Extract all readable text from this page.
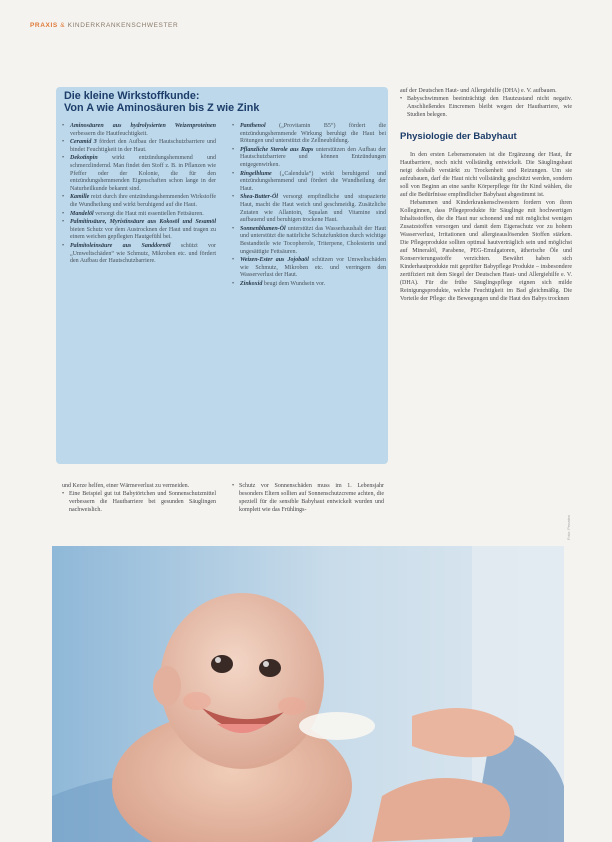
PRAXIS & KINDERKRANKENSCHWESTER
Die kleine Wirkstoffkunde:
Von A wie Aminosäuren bis Z wie Zink
• Aminosäuren aus hydrolysierten Weizenproteinen verbessern die Hautfeuchtigkeit.
• Ceramid 3 fördert den Aufbau der Hautschutzbarriere und bindet Feuchtigkeit in der Haut.
• Dekotinpin wirkt entzündungshemmend und schmerzlindernd. Man findet den Stoff z. B. in Pflanzen wie Pfeffer oder der Kolonie, die für den entzündungshemmenden Eigenschaften schon lange in der Naturheilkunde bekannt sind.
• Kamille reizt durch ihre entzündungshemmenden Wirkstoffe die Wundheilung und wirkt beruhigend auf die Haut.
• Mandelöl versorgt die Haut mit essentiellen Fettsäuren.
• Palmitinsäure, Myristinsäure aus Kokosöl und Sesamöl bieten Schutz vor dem Austrocknen der Haut und tragen zu einem weichen gepflegten Hautgefühl bei.
• Palmitoleinsäure aus Sanddornöl schützt vor „Umweltschäden“ wie Schmutz, Mikroben etc. und fördert den Aufbau der Hautschutzbarriere.
• Panthenol („Provitamin B5“) fördert die entzündungshemmende Wirkung beruhigt die Haut bei Rötungen und unterstützt die Zellneubildung.
• Pflanzliche Sterole aus Raps unterstützen den Aufbau der Hautschutzbarriere und können Entzündungen entgegenwirken.
• Ringelblume („Calendula“) wirkt beruhigend und entzündungshemmend und fördert die Wundheilung der Haut.
• Shea-Butter-Öl versorgt empfindliche und strapazierte Haut, macht die Haut weich und geschmeidig. Zusätzliche Zutaten wie Allantoin, Squalan und Vitamine sind aufbauend und beruhigen trockene Haut.
• Sonnenblumen-Öl unterstützt das Wasserhaushalt der Haut und unterstützt die natürliche Schutzfunktion durch wichtige Bestandteile wie Tocopherole, Triterpene, Cholesterin und ungesättigte Fettsäuren.
• Weizen-Ester aus Jojobaöl schützen vor Umweltschäden wie Schmutz, Mikroben etc. und verringern den Wasserverlust der Haut.
• Zinkoxid beugt dem Wundsein vor.

und Kerze helfen, einer Wärmeverlust zu vermeiden.

• Eine Beispiel gut tut Babytörtchen und Sonnenschutzmittel verbessern die Hautbarriere bei gesunden Säuglingen nachweislich.

• Schutz vor Sonnenschäden muss im 1. Lebensjahr besonders Eltern sollten auf Sonnenschutzcreme achten, die speziell für die sensible Babyhaut entwickelt wurden und komplett wie das Frühlings-

auf der Deutschen Haut- und Allergiehilfe (DHA) e. V. aufbauen.

• Babyschwimmen beeinträchtigt den Hautzustand nicht negativ. Anschließendes Eincremen bleibt wegen der Hautbarriere, wie Studien belegen.

Physiologie der Babyhaut

In den ersten Lebensmonaten ist die Ergänzung der Haut, ihr Hautbarriere, noch nicht vollständig entwickelt. Die Säuglingshaut neigt deshalb verstärkt zu Trockenheit und Reizungen. Um sie aufzubauen, darf die Haut nicht vollständig geschützt werden, sondern soll von Beginn an eine sanfte Körperpflege für ihr Kind wählen, die auf die Bedürfnisse empfindlicher Babyhaut abgestimmt ist.

Hebammen und Kinderkrankenschwestern fordern von ihren Kolleginnen, dass Pflegeprodukte für Säuglinge mit hochwertigen Inhaltsstoffen, die die Haut nur schonend und mit möglichst wenigen Zusatzstoffen versorgen und damit dem Eigenschutz vor zu hohem Wasserverlust, Irritationen und allergieauslösenden Stoffen stärken. Die Pflegeprodukte sollten optimal hautverträglich sein und möglichst auf Mineralöl, Parabene, PEG-Emulgatoren, ätherische Öle und Konservierungsstoffe verzichten. Bewährt haben sich Kinderhautprodukte mit geprüfter Babypflege Produkte – insbesondere zertifiziert mit dem Siegel der Deutschen Haut- und Allergiehilfe e. V. (DHA). Für die frühe Säuglingspflege eignen sich milde Reinigungsprodukte, welche Feuchtigkeit im Bad gleichmäßig. Die Vorteile der Pflege: die Bewegungen und die Haut des Babys trocknen

Foto: Penaten
